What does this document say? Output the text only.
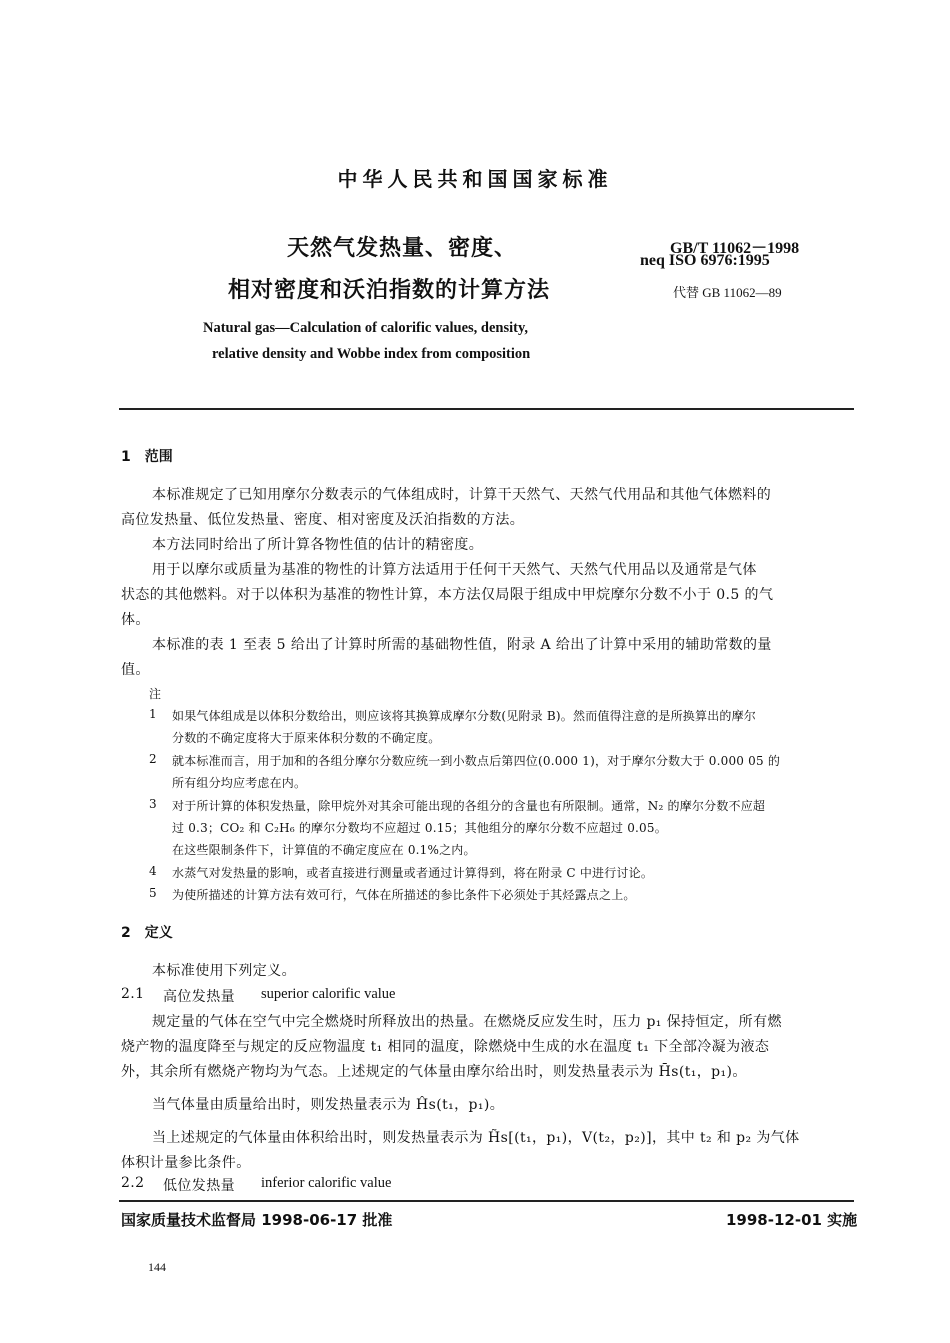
中华人民共和国国家标准
天然气发热量、密度、
相对密度和沃泊指数的计算方法
GB/T 11062－1998
neq ISO 6976:1995
代替 GB 11062—89
Natural gas—Calculation of calorific values, density,
relative density and Wobbe index from composition
1　范围
本标准规定了已知用摩尔分数表示的气体组成时，计算干天然气、天然气代用品和其他气体燃料的
高位发热量、低位发热量、密度、相对密度及沃泊指数的方法。
本方法同时给出了所计算各物性值的估计的精密度。
用于以摩尔或质量为基准的物性的计算方法适用于任何干天然气、天然气代用品以及通常是气体
状态的其他燃料。对于以体积为基准的物性计算，本方法仅局限于组成中甲烷摩尔分数不小于 0.5 的气
体。
本标准的表 1 至表 5 给出了计算时所需的基础物性值，附录 A 给出了计算中采用的辅助常数的量
值。
注
1 如果气体组成是以体积分数给出，则应该将其换算成摩尔分数(见附录 B)。然而值得注意的是所换算出的摩尔
分数的不确定度将大于原来体积分数的不确定度。
2 就本标准而言，用于加和的各组分摩尔分数应统一到小数点后第四位(0.000 1)，对于摩尔分数大于 0.000 05 的
所有组分均应考虑在内。
3 对于所计算的体积发热量，除甲烷外对其余可能出现的各组分的含量也有所限制。通常，N₂ 的摩尔分数不应超
过 0.3；CO₂ 和 C₂H₆ 的摩尔分数均不应超过 0.15；其他组分的摩尔分数不应超过 0.05。
在这些限制条件下，计算值的不确定度应在 0.1%之内。
4 水蒸气对发热量的影响，或者直接进行测量或者通过计算得到，将在附录 C 中进行讨论。
5 为使所描述的计算方法有效可行，气体在所描述的参比条件下必须处于其烃露点之上。
2　定义
本标准使用下列定义。
2.1 高位发热量 superior calorific value
规定量的气体在空气中完全燃烧时所释放出的热量。在燃烧反应发生时，压力 p₁ 保持恒定，所有燃
烧产物的温度降至与规定的反应物温度 t₁ 相同的温度，除燃烧中生成的水在温度 t₁ 下全部冷凝为液态
外，其余所有燃烧产物均为气态。上述规定的气体量由摩尔给出时，则发热量表示为 H̄s(t₁，p₁)。
当气体量由质量给出时，则发热量表示为 Ĥs(t₁，p₁)。
当上述规定的气体量由体积给出时，则发热量表示为 H̃s[(t₁，p₁)，V(t₂，p₂)]，其中 t₂ 和 p₂ 为气体
体积计量参比条件。
2.2 低位发热量 inferior calorific value
国家质量技术监督局 1998-06-17 批准	1998-12-01 实施
144
